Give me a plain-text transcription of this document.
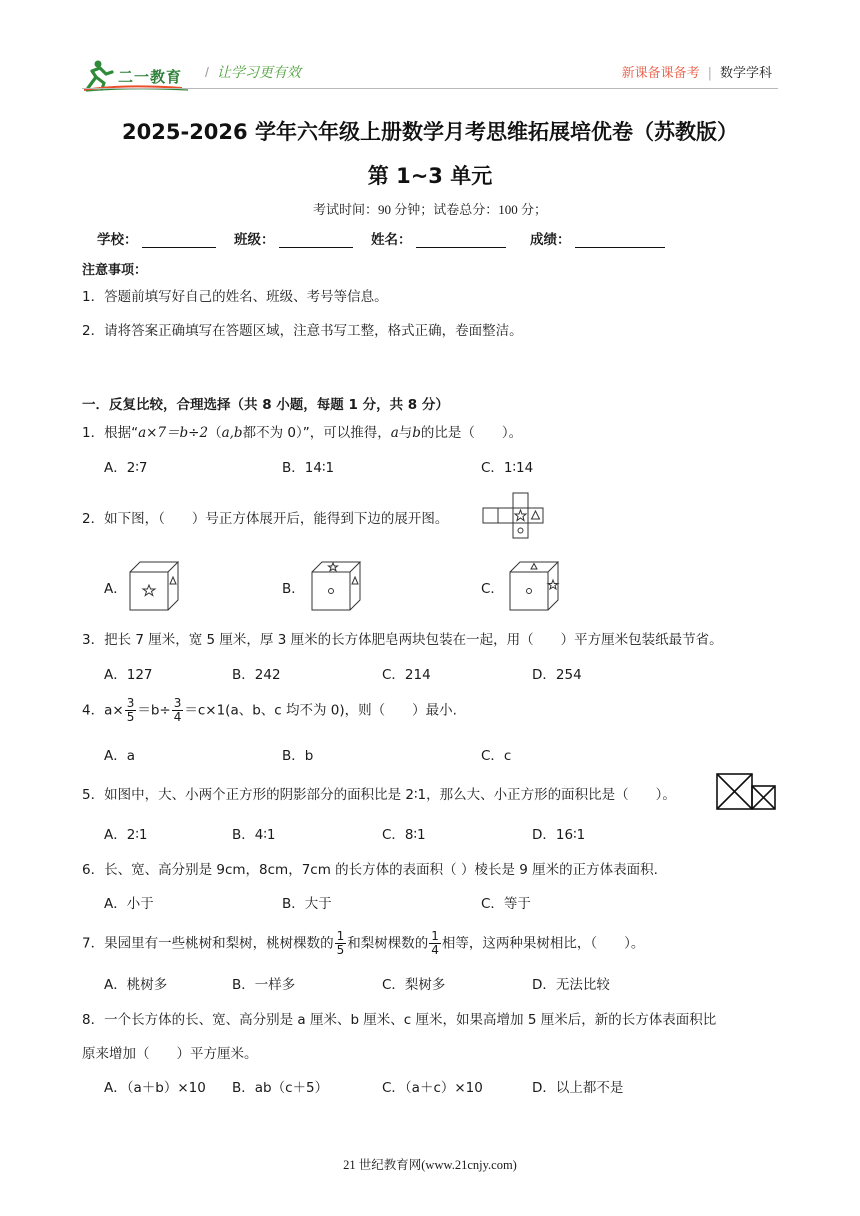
二一教育 / 让学习更有效	新课备课备考 | 数学学科
2025-2026 学年六年级上册数学月考思维拓展培优卷（苏教版）
第 1~3 单元
考试时间：90 分钟；试卷总分：100 分；
学校：	班级：	姓名：	成绩：
注意事项：
1．答题前填写好自己的姓名、班级、考号等信息。
2．请将答案正确填写在答题区域，注意书写工整，格式正确，卷面整洁。
一．反复比较，合理选择（共 8 小题，每题 1 分，共 8 分）
1．根据“a×7＝b÷2（a,b都不为 0）”，可以推得，a与b的比是（　　）。
A．2∶7	B．14∶1	C．1∶14
2．如下图，（　　）号正方体展开后，能得到下边的展开图。
A．	B．	C．
3．把长 7 厘米，宽 5 厘米，厚 3 厘米的长方体肥皂两块包装在一起，用（　　）平方厘米包装纸最节省。
A．127	B．242	C．214	D．254
4．$a\times \frac{3}{5} =b\div \frac{3}{4} =c\times 1(a$、b、c 均不为 0)，则（　　）最小.
A．a	B．b	C．c
5．如图中，大、小两个正方形的阴影部分的面积比是 2∶1，那么大、小正方形的面积比是（　　）。
A．2∶1	B．4∶1	C．8∶1	D．16∶1
6．长、宽、高分别是 9cm，8cm，7cm 的长方体的表面积（ ）棱长是 9 厘米的正方体表面积.
A．小于	B．大于	C．等于
7．果园里有一些桃树和梨树，桃树棵数的 $\frac{1}{5}$ 和梨树棵数的 $\frac{1}{4}$ 相等，这两种果树相比，（　　）。
A．桃树多	B．一样多	C．梨树多	D．无法比较
8．一个长方体的长、宽、高分别是 a 厘米、b 厘米、c 厘米，如果高增加 5 厘米后，新的长方体表面积比
原来增加（　　）平方厘米。
A．（a＋b）×10 B．ab（c＋5）	C．（a＋c）×10	D．以上都不是
21 世纪教育网(www.21cnjy.com)
